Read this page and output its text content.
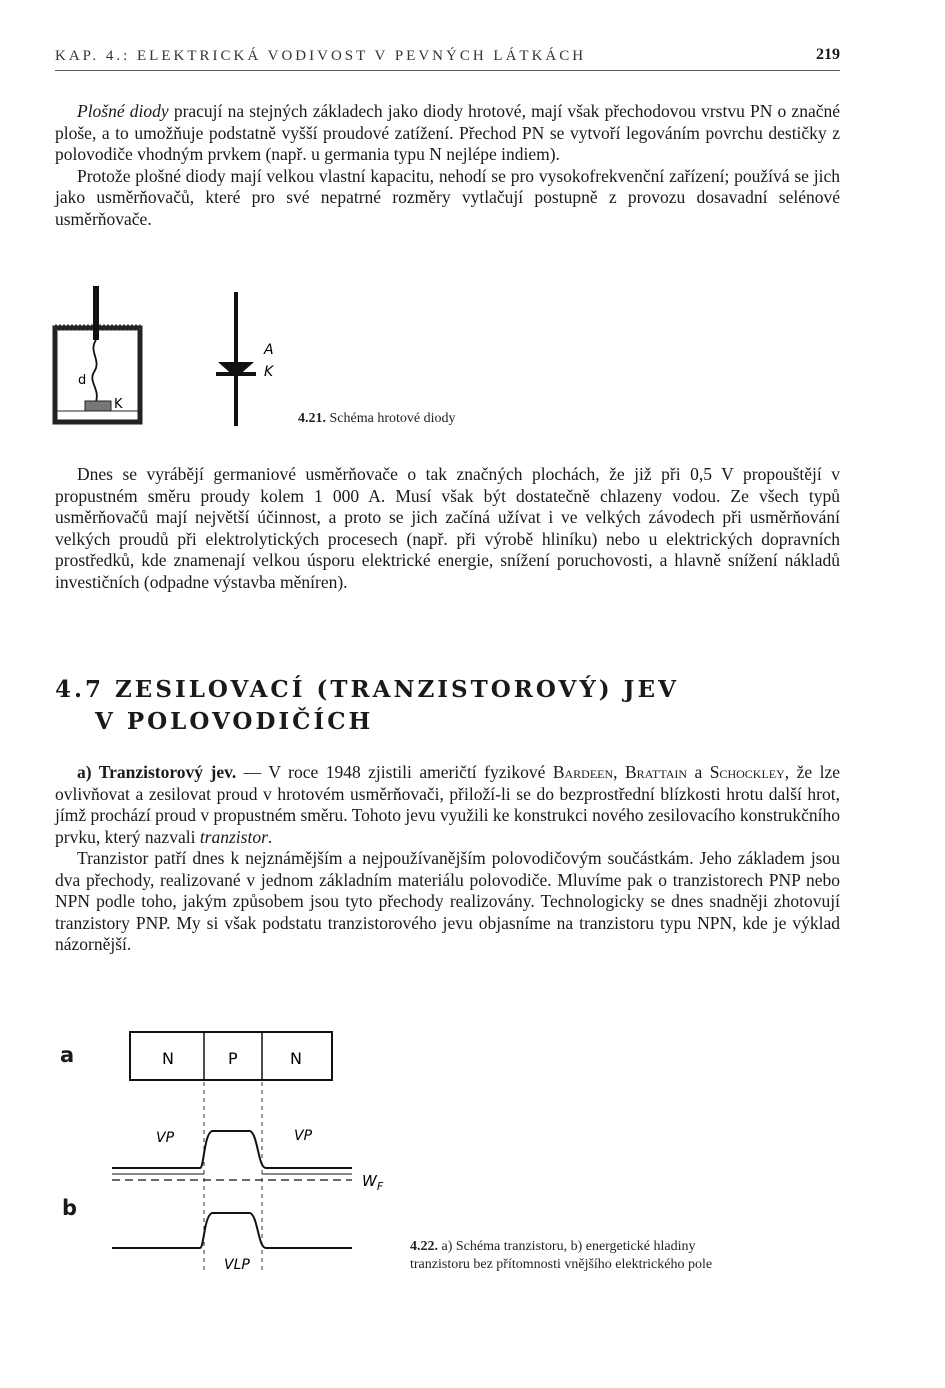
KAP. 4.: ELEKTRICKÁ VODIVOST V PEVNÝCH LÁTKÁCH	219

Plošné diody pracují na stejných základech jako diody hrotové, mají však přechodovou vrstvu PN o značné ploše, a to umožňuje podstatně vyšší proudové zatížení. Přechod PN se vytvoří legováním povrchu destičky z polovodiče vhodným prvkem (např. u germania typu N nejlépe indiem).

Protože plošné diody mají velkou vlastní kapacitu, nehodí se pro vysokofrekvenční zařízení; používá se jich jako usměrňovačů, které pro své nepatrné rozměry vytlačují postupně z provozu dosavadní selénové usměrňovače.

d
K
A
K
4.21. Schéma hrotové diody

Dnes se vyrábějí germaniové usměrňovače o tak značných plochách, že již při 0,5 V propouštějí v propustném směru proudy kolem 1 000 A. Musí však být dostatečně chlazeny vodou. Ze všech typů usměrňovačů mají největší účinnost, a proto se jich začíná užívat i ve velkých závodech při usměrňování velkých proudů při elektrolytických procesech (např. při výrobě hliníku) nebo u elektrických dopravních prostředků, kde znamenají velkou úsporu elektrické energie, snížení poruchovosti, a hlavně snížení nákladů investičních (odpadne výstavba měníren).

4.7 ZESILOVACÍ (TRANZISTOROVÝ) JEV
V POLOVODIČÍCH

a) Tranzistorový jev. — V roce 1948 zjistili američtí fyzikové Bardeen, Brattain a Schockley, že lze ovlivňovat a zesilovat proud v hrotovém usměrňovači, přiloží-li se do bezprostřední blízkosti hrotu další hrot, jímž prochází proud v propustném směru. Tohoto jevu využili ke konstrukci nového zesilovacího konstrukčního prvku, který nazvali tranzistor.

Tranzistor patří dnes k nejznámějším a nejpoužívanějším polovodičovým součástkám. Jeho základem jsou dva přechody, realizované v jednom základním materiálu polovodiče. Mluvíme pak o tranzistorech PNP nebo NPN podle toho, jakým způsobem jsou tyto přechody realizovány. Technologicky se dnes snadněji zhotovují tranzistory PNP. My si však podstatu tranzistorového jevu objasníme na tranzistoru typu NPN, kde je výklad názornější.

a
b
N	P	N
VP	VP
$W_F$
VLP
4.22. a) Schéma tranzistoru, b) energetické hladiny
tranzistoru bez přítomnosti vnějšího elektrického pole
